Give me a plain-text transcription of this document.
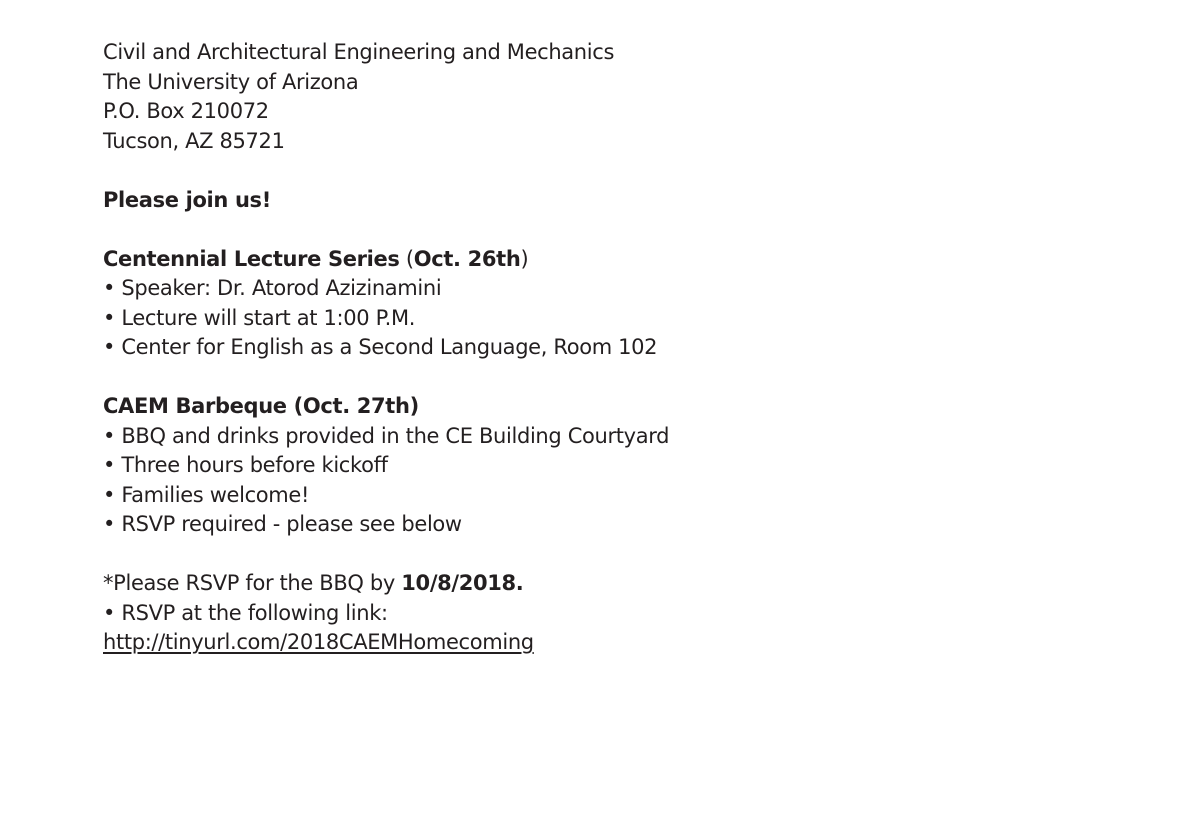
Civil and Architectural Engineering and Mechanics
The University of Arizona
P.O. Box 210072
Tucson, AZ 85721
Please join us!
Centennial Lecture Series (Oct. 26th)
• Speaker: Dr. Atorod Azizinamini
• Lecture will start at 1:00 P.M.
• Center for English as a Second Language, Room 102
CAEM Barbeque (Oct. 27th)
• BBQ and drinks provided in the CE Building Courtyard
• Three hours before kickoff
• Families welcome!
• RSVP required - please see below
*Please RSVP for the BBQ by 10/8/2018.
• RSVP at the following link:
http://tinyurl.com/2018CAEMHomecoming
